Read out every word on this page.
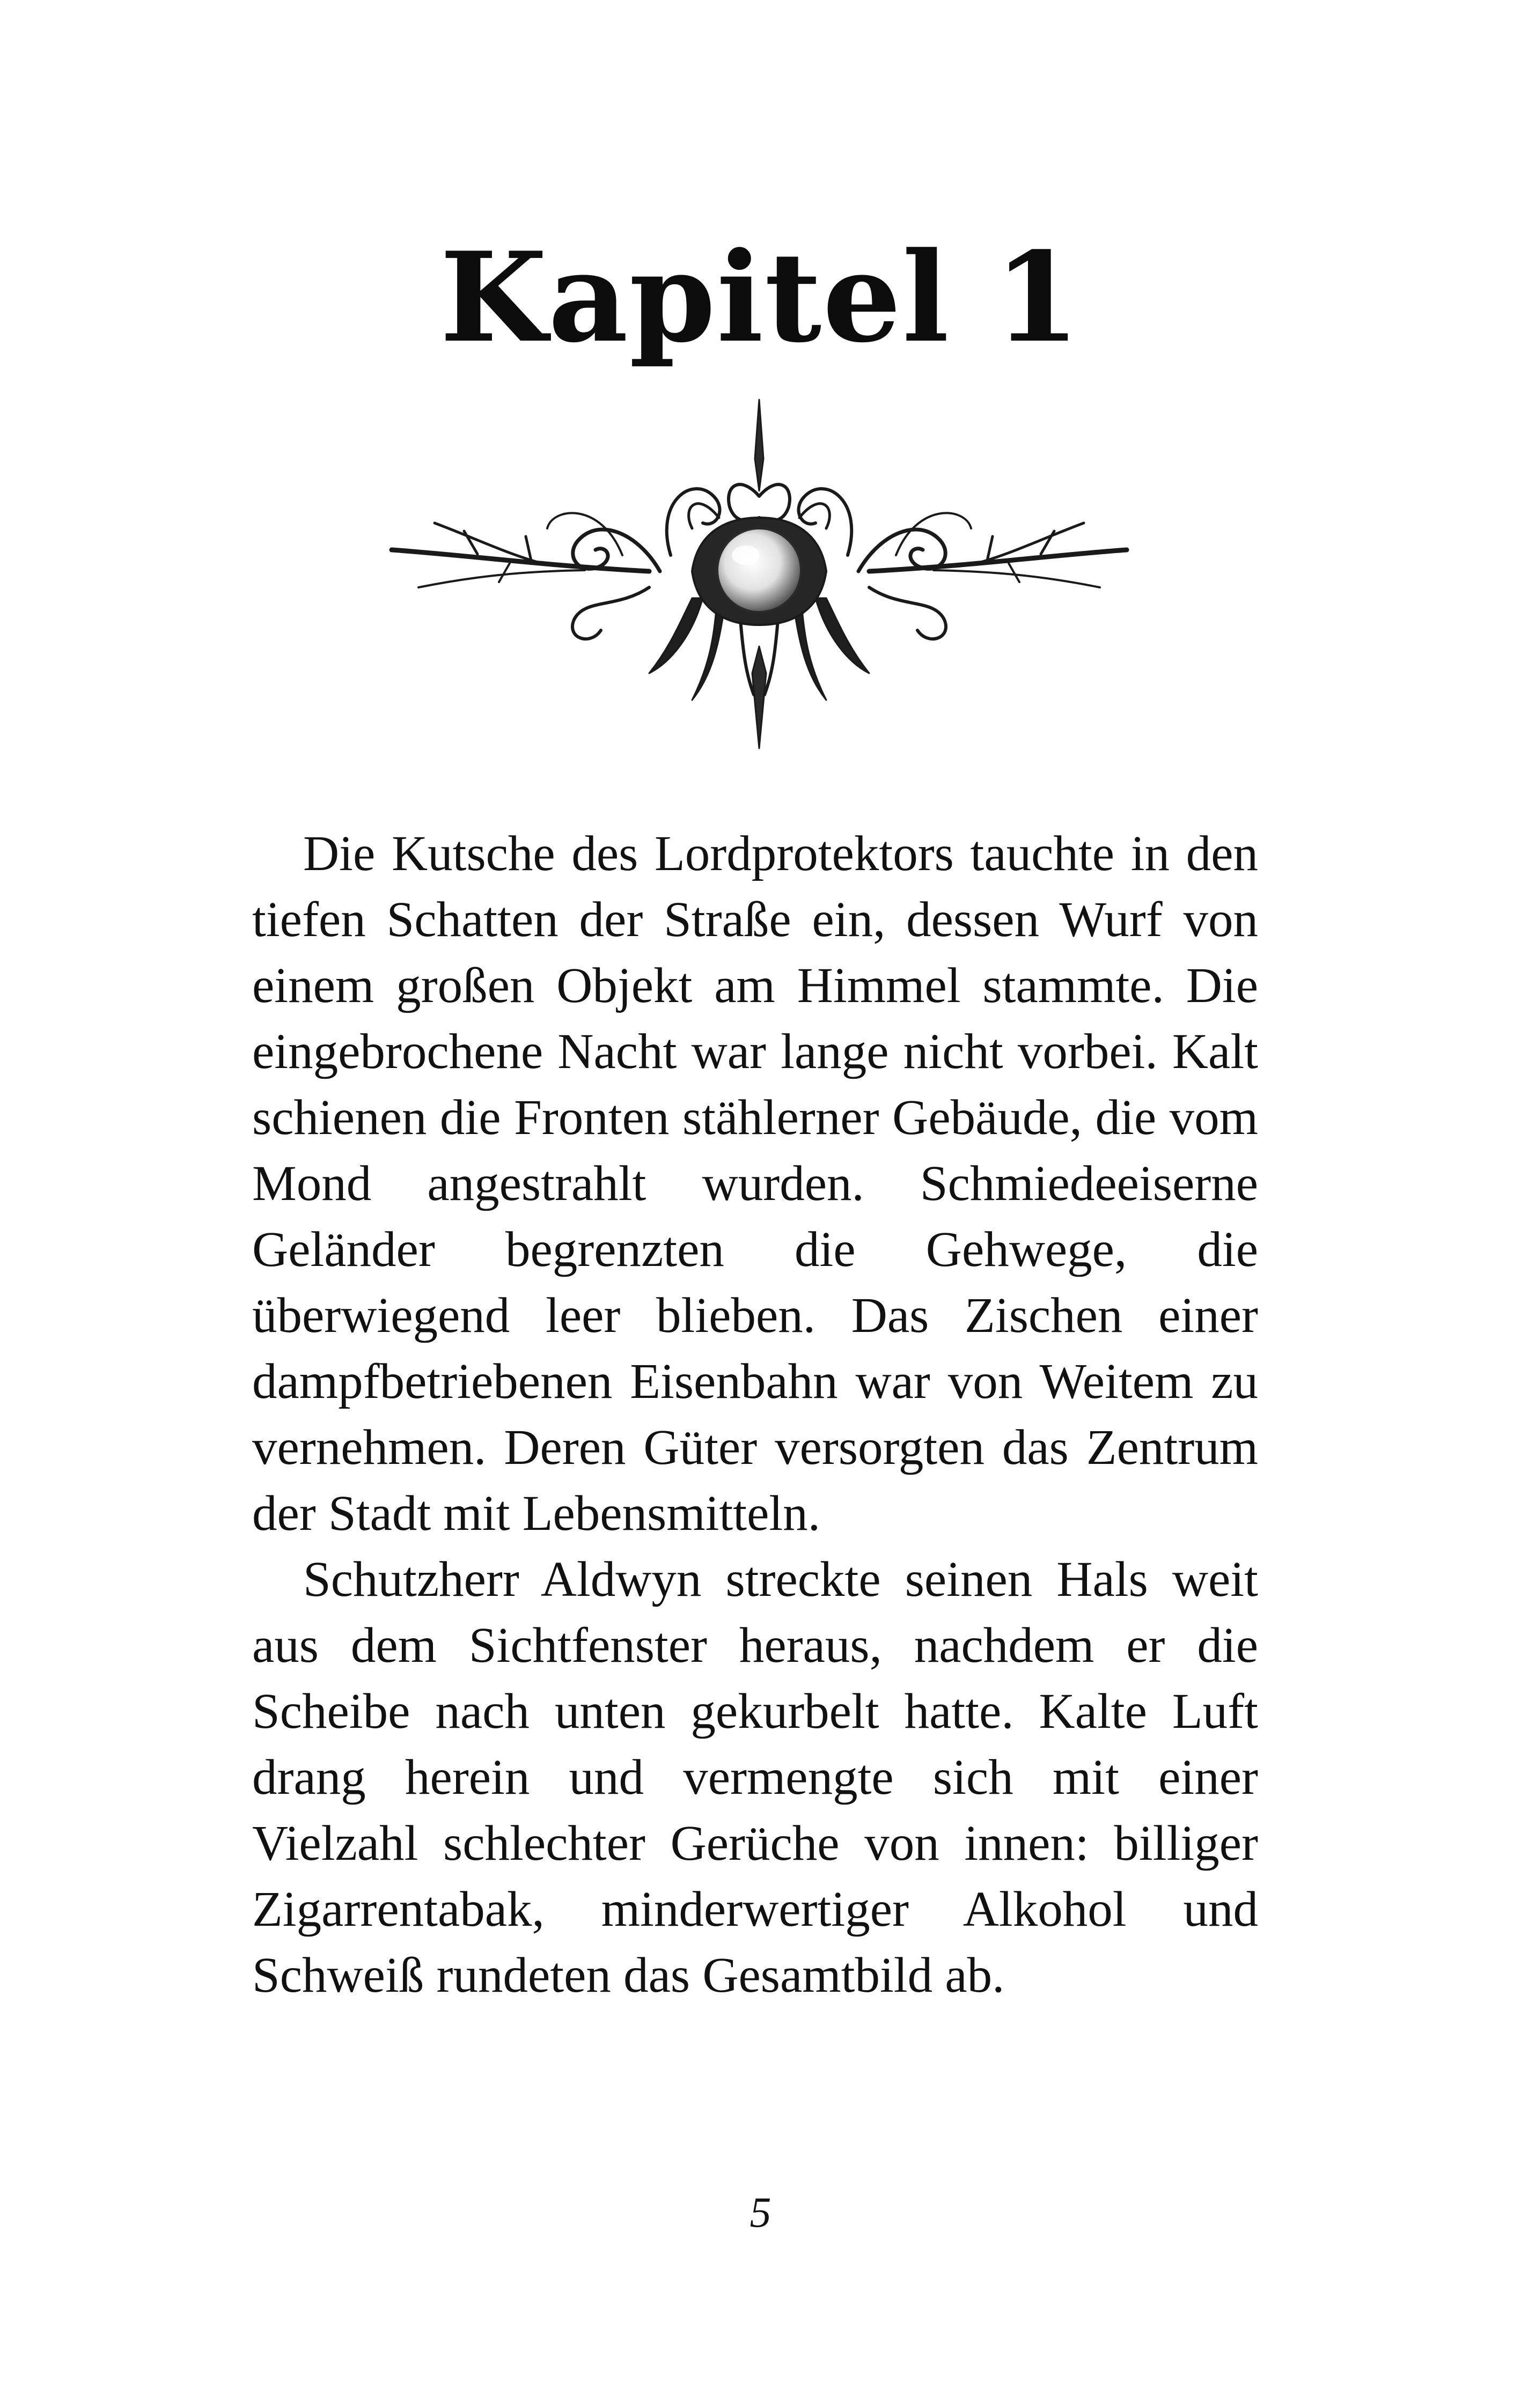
Kapitel 1

Die Kutsche des Lordprotektors tauchte in den tiefen Schatten der Straße ein, dessen Wurf von einem großen Objekt am Himmel stammte. Die eingebrochene Nacht war lange nicht vorbei. Kalt schienen die Fronten stählerner Gebäude, die vom Mond angestrahlt wurden. Schmiedeeiserne Geländer begrenzten die Gehwege, die überwiegend leer blieben. Das Zischen einer dampfbetriebenen Eisenbahn war von Weitem zu vernehmen. Deren Güter versorgten das Zentrum der Stadt mit Lebensmitteln.

Schutzherr Aldwyn streckte seinen Hals weit aus dem Sichtfenster heraus, nachdem er die Scheibe nach unten gekurbelt hatte. Kalte Luft drang herein und vermengte sich mit einer Vielzahl schlechter Gerüche von innen: billiger Zigarrentabak, minderwertiger Alkohol und Schweiß rundeten das Gesamtbild ab.

5
